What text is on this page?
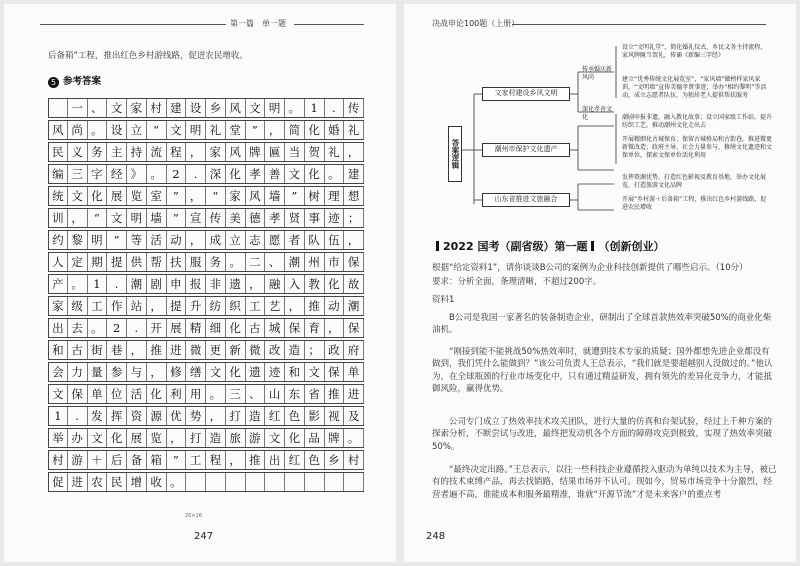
第一篇　单一题
后备箱”工程，推出红色乡村游线路，促进农民增收。
5 参考答案

一 、 文 家 村 建 设 乡 风 文 明 。 1	.	传
风 尚 。 设 立 “ 文 明 礼 堂 ” ， 简 化 婚 礼
民 义 务 主 持 流 程 ， 家 风 牌 匾 当 贺 礼 ，
编 三 字 经 》 。 2	.	深 化 孝 善 文 化 。 建
统 文 化 展 览 室 ” ， “ 家 风 墙 ” 树 理 想
训 ， “ 文 明 墙 ” 宣 传 美 德 孝 贤 事 迹 ；
约 黎 明 ” 等 活 动 ， 成 立 志 愿 者 队 伍 ，
人 定 期 提 供 帮 扶 服 务 。 二 、 潮 州 市 保
产 。 1	.	潮 剧 申 报 非 遗 ， 融 入 教 化 故
家 级 工 作 站 ， 提 升 纺 织 工 艺 ， 推 动 潮
出 去 。 2	.	开 展 精 细 化 古 城 保 育 ， 保
和 古 街 巷 ， 推 进 微 更 新 微 改 造 ； 政 府
会 力 量 参 与 ， 修 缮 文 化 遗 迹 和 文 保 单
文 保 单 位 活 化 利 用 。 三 、 山 东 省 推 进
1	.	发 挥 资 源 优 势 ， 打 造 红 色 影 视 及
举 办 文 化 展 览 ， 打 造 旅 游 文 化 品 牌 。
村 游 ＋ 后 备 箱 ” 工 程 ， 推 出 红 色 乡 村
促 进 农 民 增 收 。
20×16
247
决战申论100题（上册）
答案逻辑
文家村建设乡风文明
潮州市保护文化遗产
山东省推进文旅融合
传承婚庆新风尚
设立“文明礼堂”，简化婚礼仪式，乡民义务主持流程，家风牌匾当贺礼，传诵《新编三字经》
深化孝善文化
建立“优秀传统文化展览室”，“家风墙”做榜样家风家训，“文明墙”宣传美德孝贤事迹；举办“相约黎明”等活动，成立志愿者队伍，为独居老人提供帮扶服务
潮剧申报非遗，融入教化故事；设立国家级工作站，提升纺织工艺，推动潮州文化走出去
开展精细化古城保育；保留古城格局和古街巷，推进微更新微改造；政府主导，社会力量参与，修缮文化遗迹和文保单位，探索文保单位活化利用
发挥资源优势，打造红色影视及教育基地，举办文化展览，打造旅游文化品牌
开展“乡村游＋后备箱”工程，推出红色乡村游线路，促进农民增收
2022 国考（副省级）第一题 （创新创业）
根据“给定资料1”，请你谈谈B公司的案例为企业科技创新提供了哪些启示。（10分）
要求：分析全面，条理清晰，不超过200字。
资料1
B公司是我国一家著名的装备制造企业，研制出了全球首款热效率突破50%的商业化柴油机。
“刚接到能不能挑战50%热效率时，就遭到技术专家的质疑；国外都想先进企业都没有做到，我们凭什么能做到？”该公司负责人王总表示，“我们就是要超越别人没做过的。”他认为，在全球瓶颈的行业市场变化中，只有通过精益研发，拥有领先的差异化竞争力，才能抵御风险，赢得优势。
公司专门成立了热效率技术攻关团队，进行大量的仿真和台架试验，经过上千种方案的探索分析，不断尝试与改进，最终把发动机各个方面的障碍攻克到极致，实现了热效率突破50%。
“最终决定出路。”王总表示，以往一些科技企业遵循投入驱动为单纯以技术为主导，被已有的技术束缚产品，再去找销路，结果市场并不认可。现如今，贸易市场竞争十分激烈，经营者遍不高，谁能成本和服务最精准，谁就“开源节流”才是未来客户的重点考
248
